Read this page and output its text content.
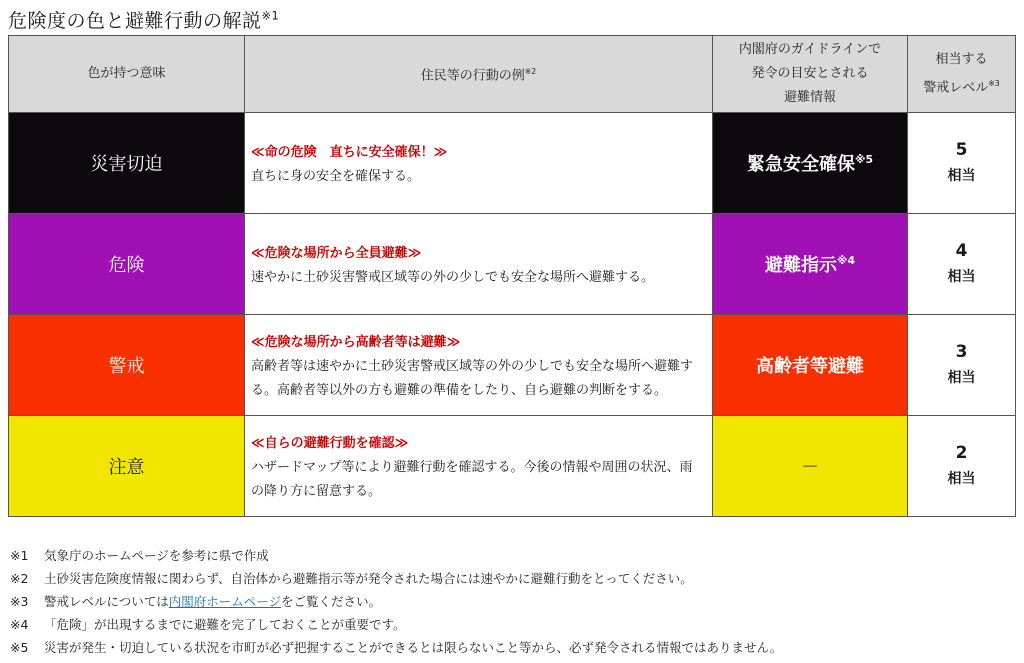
危険度の色と避難行動の解説$^{※1}$
色が持つ意味	住民等の行動の例$^{※2}$	内閣府のガイドラインで
発令の目安とされる
避難情報	相当する
警戒レベル$^{※3}$

災害切迫	≪命の危険　直ちに安全確保！≫
直ちに身の安全を確保する。	緊急安全確保$^{※5}$	5
相当

危険	≪危険な場所から全員避難≫
速やかに土砂災害警戒区域等の外の少しでも安全な場所へ避難する。	避難指示$^{※4}$	4
相当

警戒	≪危険な場所から高齢者等は避難≫
高齢者等は速やかに土砂災害警戒区域等の外の少しでも安全な場所へ避難する。高齢者等以外の方も避難の準備をしたり、自ら避難の判断をする。	高齢者等避難	3
相当

注意	≪自らの避難行動を確認≫
ハザードマップ等により避難行動を確認する。今後の情報や周囲の状況、雨の降り方に留意する。	－	2
相当
※1 気象庁のホームページを参考に県で作成
※2 土砂災害危険度情報に関わらず、自治体から避難指示等が発令された場合には速やかに避難行動をとってください。
※3 警戒レベルについては内閣府ホームページをご覧ください。
※4 「危険」が出現するまでに避難を完了しておくことが重要です。
※5 災害が発生・切迫している状況を市町が必ず把握することができるとは限らないこと等から、必ず発令される情報ではありません。
